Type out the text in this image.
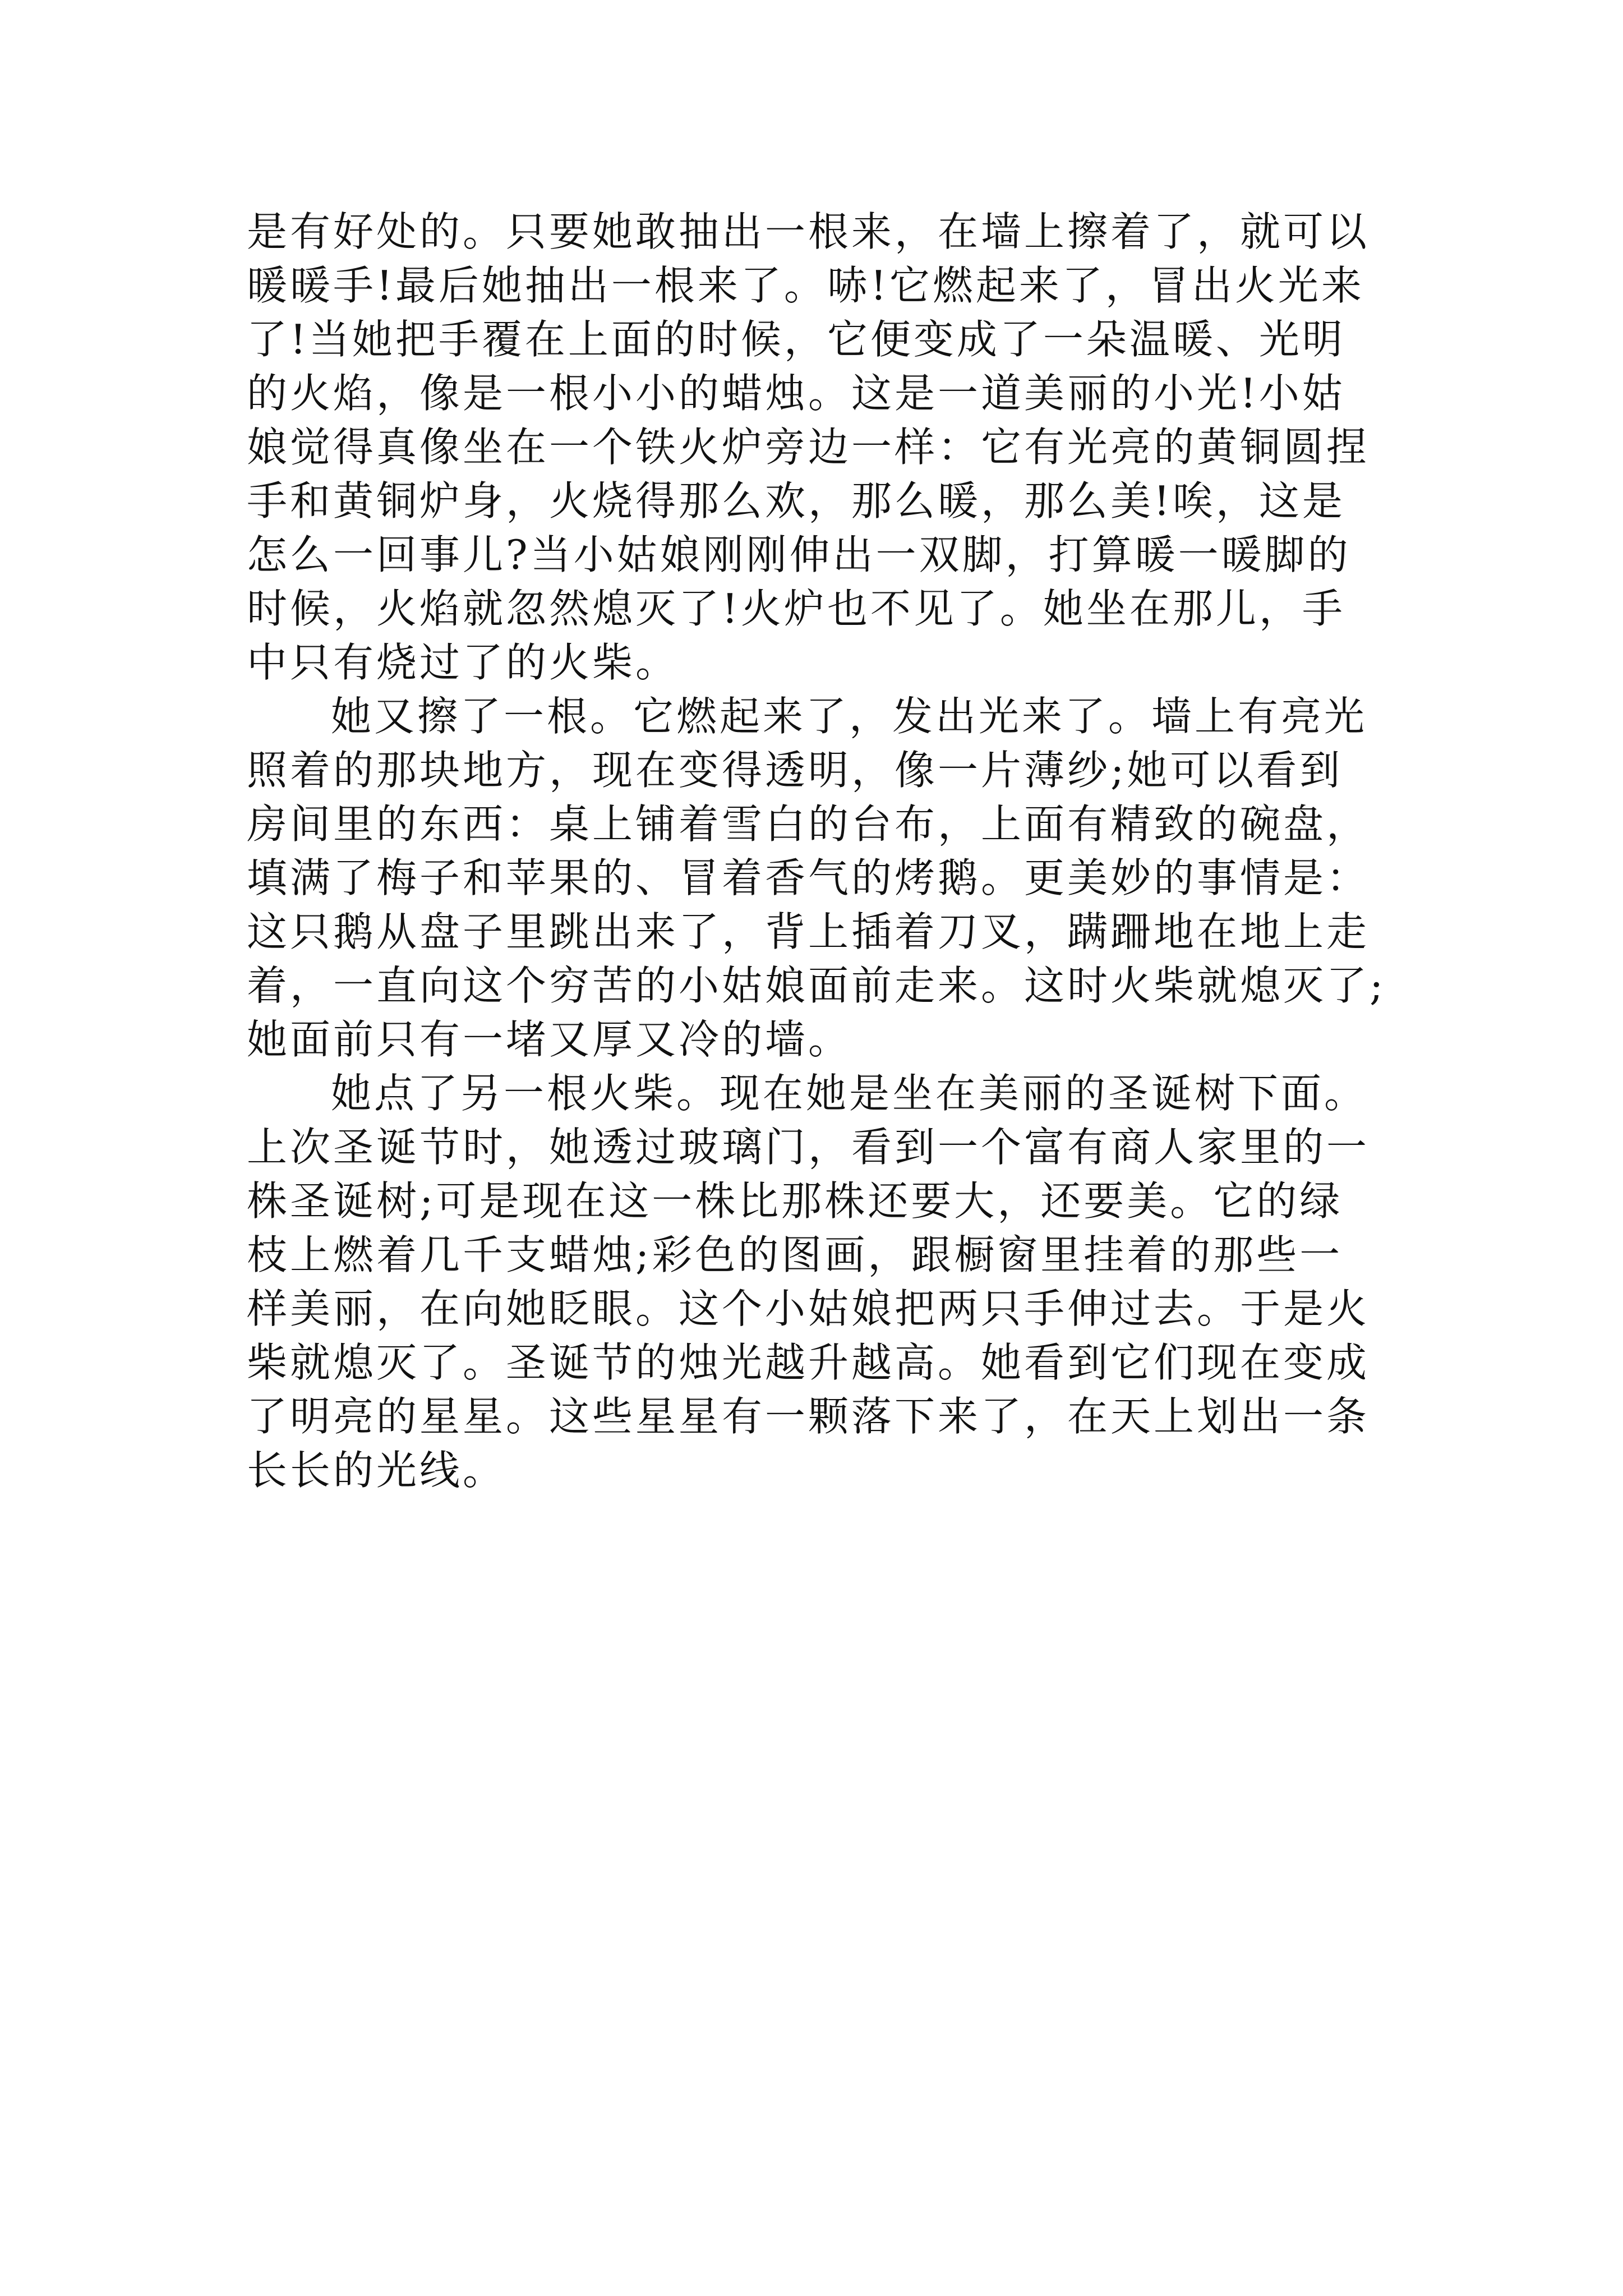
是有好处的。只要她敢抽出一根来，在墙上擦着了，就可以
暖暖手!最后她抽出一根来了。哧!它燃起来了，冒出火光来
了!当她把手覆在上面的时候，它便变成了一朵温暖、光明
的火焰，像是一根小小的蜡烛。这是一道美丽的小光!小姑
娘觉得真像坐在一个铁火炉旁边一样：它有光亮的黄铜圆捏
手和黄铜炉身，火烧得那么欢，那么暖，那么美!唉，这是
怎么一回事儿?当小姑娘刚刚伸出一双脚，打算暖一暖脚的
时候，火焰就忽然熄灭了!火炉也不见了。她坐在那儿，手
中只有烧过了的火柴。
她又擦了一根。它燃起来了，发出光来了。墙上有亮光
照着的那块地方，现在变得透明，像一片薄纱;她可以看到
房间里的东西：桌上铺着雪白的台布，上面有精致的碗盘，
填满了梅子和苹果的、冒着香气的烤鹅。更美妙的事情是：
这只鹅从盘子里跳出来了，背上插着刀叉，蹒跚地在地上走
着，一直向这个穷苦的小姑娘面前走来。这时火柴就熄灭了;
她面前只有一堵又厚又冷的墙。
她点了另一根火柴。现在她是坐在美丽的圣诞树下面。
上次圣诞节时，她透过玻璃门，看到一个富有商人家里的一
株圣诞树;可是现在这一株比那株还要大，还要美。它的绿
枝上燃着几千支蜡烛;彩色的图画，跟橱窗里挂着的那些一
样美丽，在向她眨眼。这个小姑娘把两只手伸过去。于是火
柴就熄灭了。圣诞节的烛光越升越高。她看到它们现在变成
了明亮的星星。这些星星有一颗落下来了，在天上划出一条
长长的光线。
